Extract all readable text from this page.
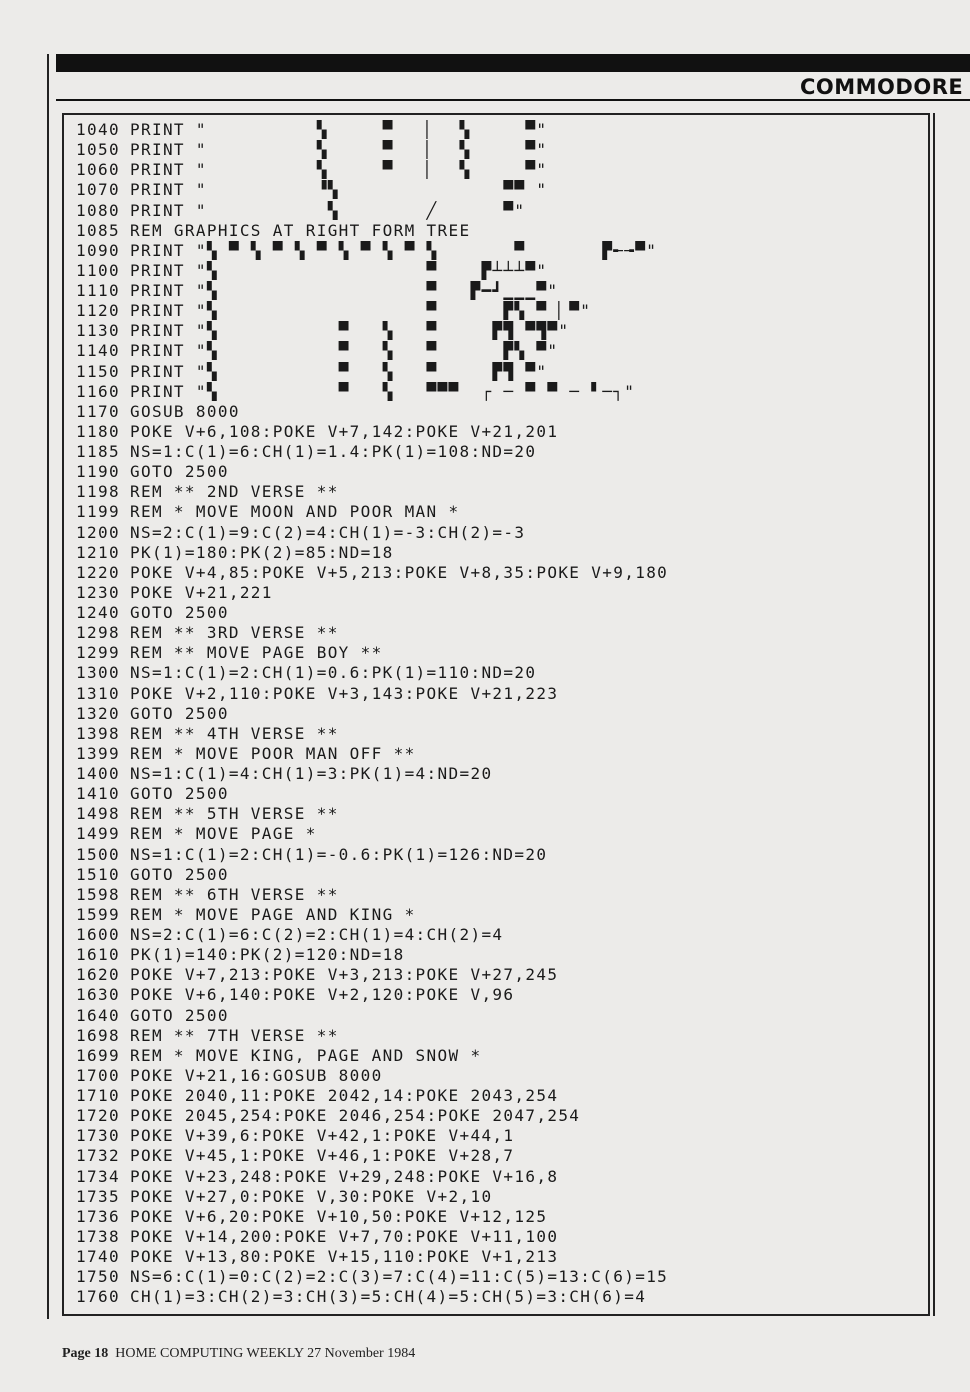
COMMODORE
1040 PRINT "          ▚     ▀   ▏  ▚     ▀"
1050 PRINT "          ▚     ▀   ▏  ▚     ▀"
1060 PRINT "          ▚     ▀   ▏  ▚     ▀"
1070 PRINT "          ▝▚               ▀▀ "
1080 PRINT "           ▚        ╱      ▀"
1085 REM GRAPHICS AT RIGHT FORM TREE
1090 PRINT "▚ ▀ ▚ ▀ ▚ ▀ ▚ ▀ ▚ ▀ ▚       ▀       ▛╾╼▀"
1100 PRINT "▚                   ▀    ▛┴┴┴▀"
1110 PRINT "▚                   ▀   ▛━┛▁▁▁▀"
1120 PRINT "▚                   ▀      ▛▚ ▀ ▏▀"
1130 PRINT "▚           ▀   ▚   ▀     ▛▜ ▀▜▀"
1140 PRINT "▚           ▀   ▚   ▀      ▛▚ ▀"
1150 PRINT "▚           ▀   ▚   ▀     ▛▜ ▀"
1160 PRINT "▚           ▀   ▚   ▀▀▀  ┌ ─ ▀ ▀ ─ ▘─┐"
1170 GOSUB 8000
1180 POKE V+6,108:POKE V+7,142:POKE V+21,201
1185 NS=1:C(1)=6:CH(1)=1.4:PK(1)=108:ND=20
1190 GOTO 2500
1198 REM ** 2ND VERSE **
1199 REM * MOVE MOON AND POOR MAN *
1200 NS=2:C(1)=9:C(2)=4:CH(1)=-3:CH(2)=-3
1210 PK(1)=180:PK(2)=85:ND=18
1220 POKE V+4,85:POKE V+5,213:POKE V+8,35:POKE V+9,180
1230 POKE V+21,221
1240 GOTO 2500
1298 REM ** 3RD VERSE **
1299 REM ** MOVE PAGE BOY **
1300 NS=1:C(1)=2:CH(1)=0.6:PK(1)=110:ND=20
1310 POKE V+2,110:POKE V+3,143:POKE V+21,223
1320 GOTO 2500
1398 REM ** 4TH VERSE **
1399 REM * MOVE POOR MAN OFF **
1400 NS=1:C(1)=4:CH(1)=3:PK(1)=4:ND=20
1410 GOTO 2500
1498 REM ** 5TH VERSE **
1499 REM * MOVE PAGE *
1500 NS=1:C(1)=2:CH(1)=-0.6:PK(1)=126:ND=20
1510 GOTO 2500
1598 REM ** 6TH VERSE **
1599 REM * MOVE PAGE AND KING *
1600 NS=2:C(1)=6:C(2)=2:CH(1)=4:CH(2)=4
1610 PK(1)=140:PK(2)=120:ND=18
1620 POKE V+7,213:POKE V+3,213:POKE V+27,245
1630 POKE V+6,140:POKE V+2,120:POKE V,96
1640 GOTO 2500
1698 REM ** 7TH VERSE **
1699 REM * MOVE KING, PAGE AND SNOW *
1700 POKE V+21,16:GOSUB 8000
1710 POKE 2040,11:POKE 2042,14:POKE 2043,254
1720 POKE 2045,254:POKE 2046,254:POKE 2047,254
1730 POKE V+39,6:POKE V+42,1:POKE V+44,1
1732 POKE V+45,1:POKE V+46,1:POKE V+28,7
1734 POKE V+23,248:POKE V+29,248:POKE V+16,8
1735 POKE V+27,0:POKE V,30:POKE V+2,10
1736 POKE V+6,20:POKE V+10,50:POKE V+12,125
1738 POKE V+14,200:POKE V+7,70:POKE V+11,100
1740 POKE V+13,80:POKE V+15,110:POKE V+1,213
1750 NS=6:C(1)=0:C(2)=2:C(3)=7:C(4)=11:C(5)=13:C(6)=15
1760 CH(1)=3:CH(2)=3:CH(3)=5:CH(4)=5:CH(5)=3:CH(6)=4
Page 18 HOME COMPUTING WEEKLY 27 November 1984
